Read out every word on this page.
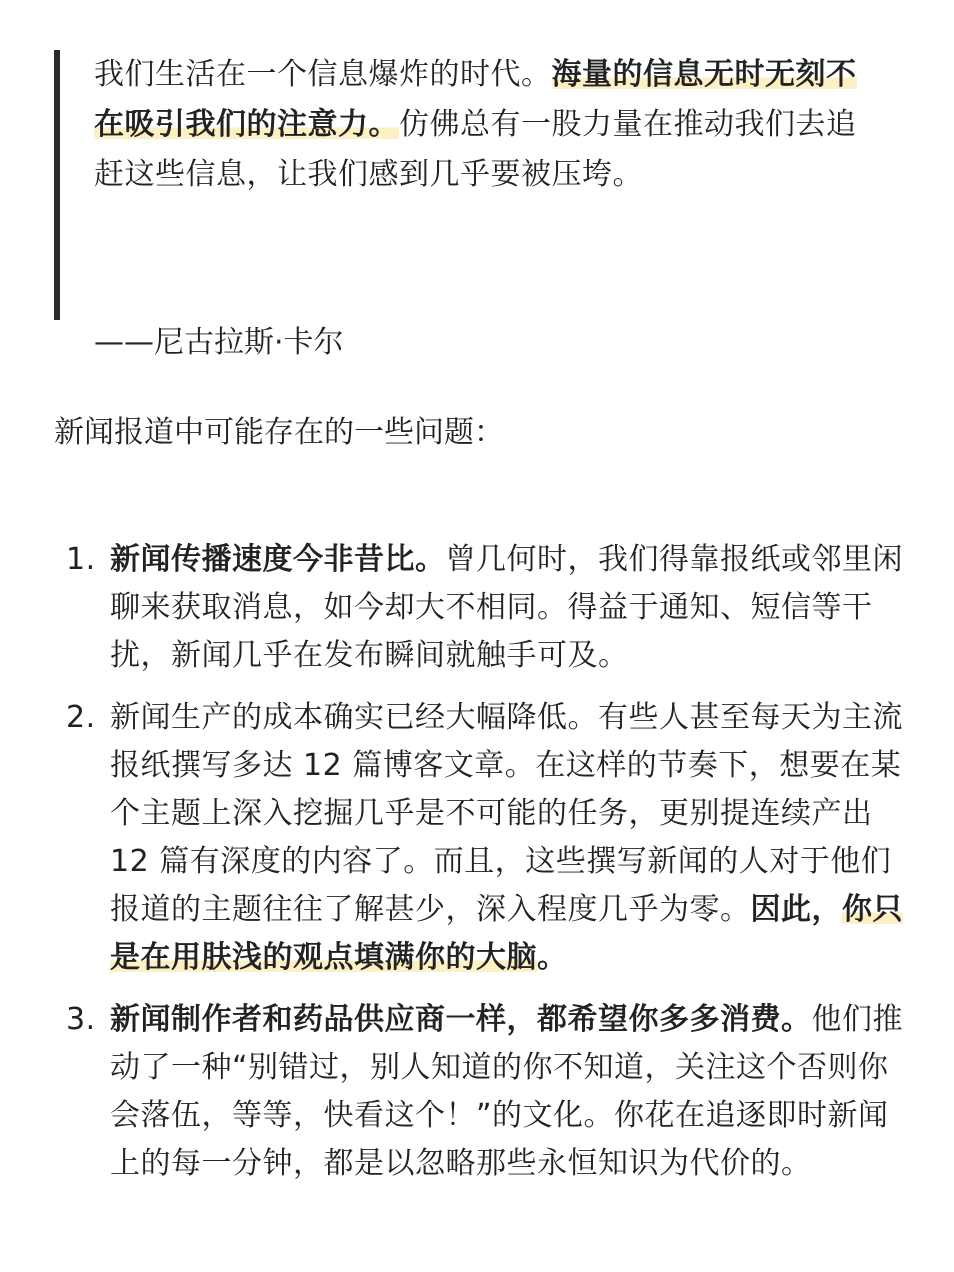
我们生活在一个信息爆炸的时代。海量的信息无时无刻不在吸引我们的注意力。仿佛总有一股力量在推动我们去追赶这些信息，让我们感到几乎要被压垮。
——尼古拉斯·卡尔
新闻报道中可能存在的一些问题：
1. 新闻传播速度今非昔比。曾几何时，我们得靠报纸或邻里闲聊来获取消息，如今却大不相同。得益于通知、短信等干扰，新闻几乎在发布瞬间就触手可及。
2. 新闻生产的成本确实已经大幅降低。有些人甚至每天为主流报纸撰写多达 12 篇博客文章。在这样的节奏下，想要在某个主题上深入挖掘几乎是不可能的任务，更别提连续产出 12 篇有深度的内容了。而且，这些撰写新闻的人对于他们报道的主题往往了解甚少，深入程度几乎为零。因此，你只是在用肤浅的观点填满你的大脑。
3. 新闻制作者和药品供应商一样，都希望你多多消费。他们推动了一种“别错过，别人知道的你不知道，关注这个否则你会落伍，等等，快看这个！”的文化。你花在追逐即时新闻上的每一分钟，都是以忽略那些永恒知识为代价的。
